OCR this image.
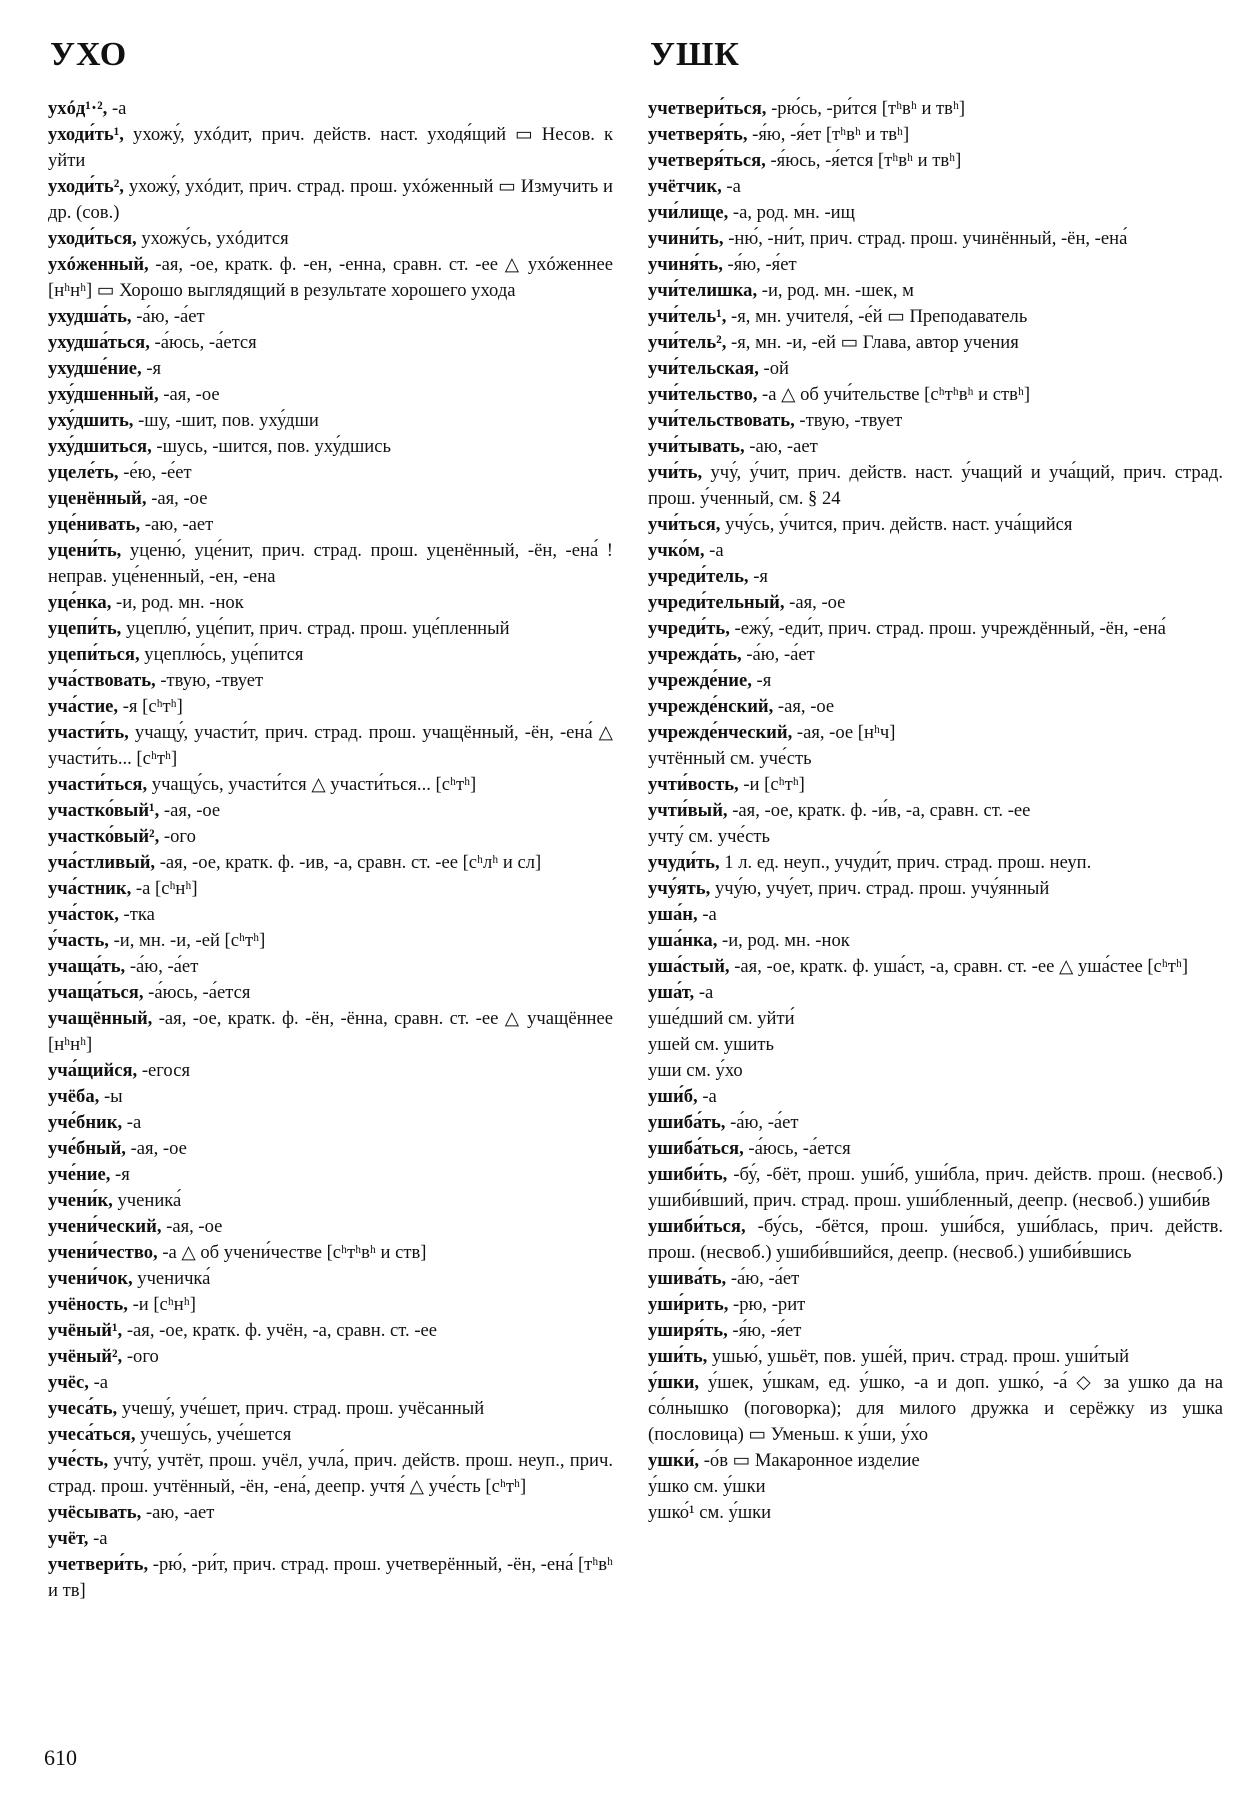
УХО	УШК

ухóд¹·², -а

уходи́ть¹, ухожу́, ухóдит, прич. действ. наст. уходя́щий ▭ Несов. к уйти

уходи́ть², ухожу́, ухóдит, прич. страд. прош. ухóженный ▭ Измучить и др. (сов.)

уходи́ться, ухожу́сь, ухóдится

ухóженный, -ая, -ое, кратк. ф. -ен, -енна, сравн. ст. -ее △ ухóженнее [нʰнʰ] ▭ Хорошо выглядящий в результате хорошего ухода

ухудша́ть, -а́ю, -а́ет

ухудша́ться, -а́юсь, -а́ется

ухудше́ние, -я

уху́дшенный, -ая, -ое

уху́дшить, -шу, -шит, пов. уху́дши

уху́дшиться, -шусь, -шится, пов. уху́дшись

уцеле́ть, -е́ю, -е́ет

уценённый, -ая, -ое

уце́нивать, -аю, -ает

уцени́ть, уценю́, уце́нит, прич. страд. прош. уценённый, -ён, -ена́ ! неправ. уце́ненный, -ен, -ена

уце́нка, -и, род. мн. -нок

уцепи́ть, уцеплю́, уце́пит, прич. страд. прош. уце́пленный

уцепи́ться, уцеплю́сь, уце́пится

уча́ствовать, -твую, -твует

уча́стие, -я [сʰтʰ]

участи́ть, учащу́, участи́т, прич. страд. прош. учащённый, -ён, -ена́ △ участи́ть... [сʰтʰ]

участи́ться, учащу́сь, участи́тся △ участи́ться... [сʰтʰ]

участко́вый¹, -ая, -ое

участко́вый², -ого

уча́стливый, -ая, -ое, кратк. ф. -ив, -а, сравн. ст. -ее [сʰлʰ и сл]

уча́стник, -а [сʰнʰ]

уча́сток, -тка

у́часть, -и, мн. -и, -ей [сʰтʰ]

учаща́ть, -а́ю, -а́ет

учаща́ться, -а́юсь, -а́ется

учащённый, -ая, -ое, кратк. ф. -ён, -ённа, сравн. ст. -ее △ учащённее [нʰнʰ]

уча́щийся, -егося

учёба, -ы

уче́бник, -а

уче́бный, -ая, -ое

уче́ние, -я

учени́к, ученика́

учени́ческий, -ая, -ое

учени́чество, -а △ об учени́честве [сʰтʰвʰ и ств]

учени́чок, ученичка́

учёность, -и [сʰнʰ]

учёный¹, -ая, -ое, кратк. ф. учён, -а, сравн. ст. -ее

учёный², -ого

учёс, -а

учеса́ть, учешу́, уче́шет, прич. страд. прош. учёсанный

учеса́ться, учешу́сь, уче́шется

уче́сть, учту́, учтёт, прош. учёл, учла́, прич. действ. прош. неуп., прич. страд. прош. учтённый, -ён, -ена́, деепр. учтя́ △ уче́сть [сʰтʰ]

учёсывать, -аю, -ает

учёт, -а

учетвери́ть, -рю́, -ри́т, прич. страд. прош. учетверённый, -ён, -ена́ [тʰвʰ и тв]

учетвери́ться, -рю́сь, -ри́тся [тʰвʰ и твʰ]

учетверя́ть, -я́ю, -я́ет [тʰвʰ и твʰ]

учетверя́ться, -я́юсь, -я́ется [тʰвʰ и твʰ]

учётчик, -а

учи́лище, -а, род. мн. -ищ

учини́ть, -ню́, -ни́т, прич. страд. прош. учинённый, -ён, -ена́

учиня́ть, -я́ю, -я́ет

учи́телишка, -и, род. мн. -шек, м

учи́тель¹, -я, мн. учителя́, -е́й ▭ Преподаватель

учи́тель², -я, мн. -и, -ей ▭ Глава, автор учения

учи́тельская, -ой

учи́тельство, -а △ об учи́тельстве [сʰтʰвʰ и ствʰ]

учи́тельствовать, -твую, -твует

учи́тывать, -аю, -ает

учи́ть, учу́, у́чит, прич. действ. наст. у́чащий и уча́щий, прич. страд. прош. у́ченный, см. § 24

учи́ться, учу́сь, у́чится, прич. действ. наст. уча́щийся

учко́м, -а

учреди́тель, -я

учреди́тельный, -ая, -ое

учреди́ть, -ежу́, -еди́т, прич. страд. прош. учреждённый, -ён, -ена́

учрежда́ть, -а́ю, -а́ет

учрежде́ние, -я

учрежде́нский, -ая, -ое

учрежде́нческий, -ая, -ое [нʰч]

учтённый см. уче́сть

учти́вость, -и [сʰтʰ]

учти́вый, -ая, -ое, кратк. ф. -и́в, -а, сравн. ст. -ее

учту́ см. уче́сть

учуди́ть, 1 л. ед. неуп., учуди́т, прич. страд. прош. неуп.

учу́ять, учу́ю, учу́ет, прич. страд. прош. учу́янный

уша́н, -а

уша́нка, -и, род. мн. -нок

уша́стый, -ая, -ое, кратк. ф. уша́ст, -а, сравн. ст. -ее △ уша́стее [сʰтʰ]

уша́т, -а

уше́дший см. уйти́

ушей см. ушить

уши см. у́хо

уши́б, -а

ушиба́ть, -а́ю, -а́ет

ушиба́ться, -а́юсь, -а́ется

ушиби́ть, -бу́, -бёт, прош. уши́б, уши́бла, прич. действ. прош. (несвоб.) ушиби́вший, прич. страд. прош. уши́бленный, деепр. (несвоб.) ушиби́в

ушиби́ться, -бу́сь, -бётся, прош. уши́бся, уши́блась, прич. действ. прош. (несвоб.) ушиби́вшийся, деепр. (несвоб.) ушиби́вшись

ушива́ть, -а́ю, -а́ет

уши́рить, -рю, -рит

уширя́ть, -я́ю, -я́ет

уши́ть, ушью́, ушьёт, пов. уше́й, прич. страд. прош. уши́тый

у́шки, у́шек, у́шкам, ед. у́шко, -а и доп. ушко́, -а́ ◇ за ушко да на со́лнышко (поговорка); для милого дружка и серёжку из ушка (пословица) ▭ Уменьш. к у́ши, у́хо

ушки́, -о́в ▭ Макаронное изделие

у́шко см. у́шки

ушко́¹ см. у́шки

610
